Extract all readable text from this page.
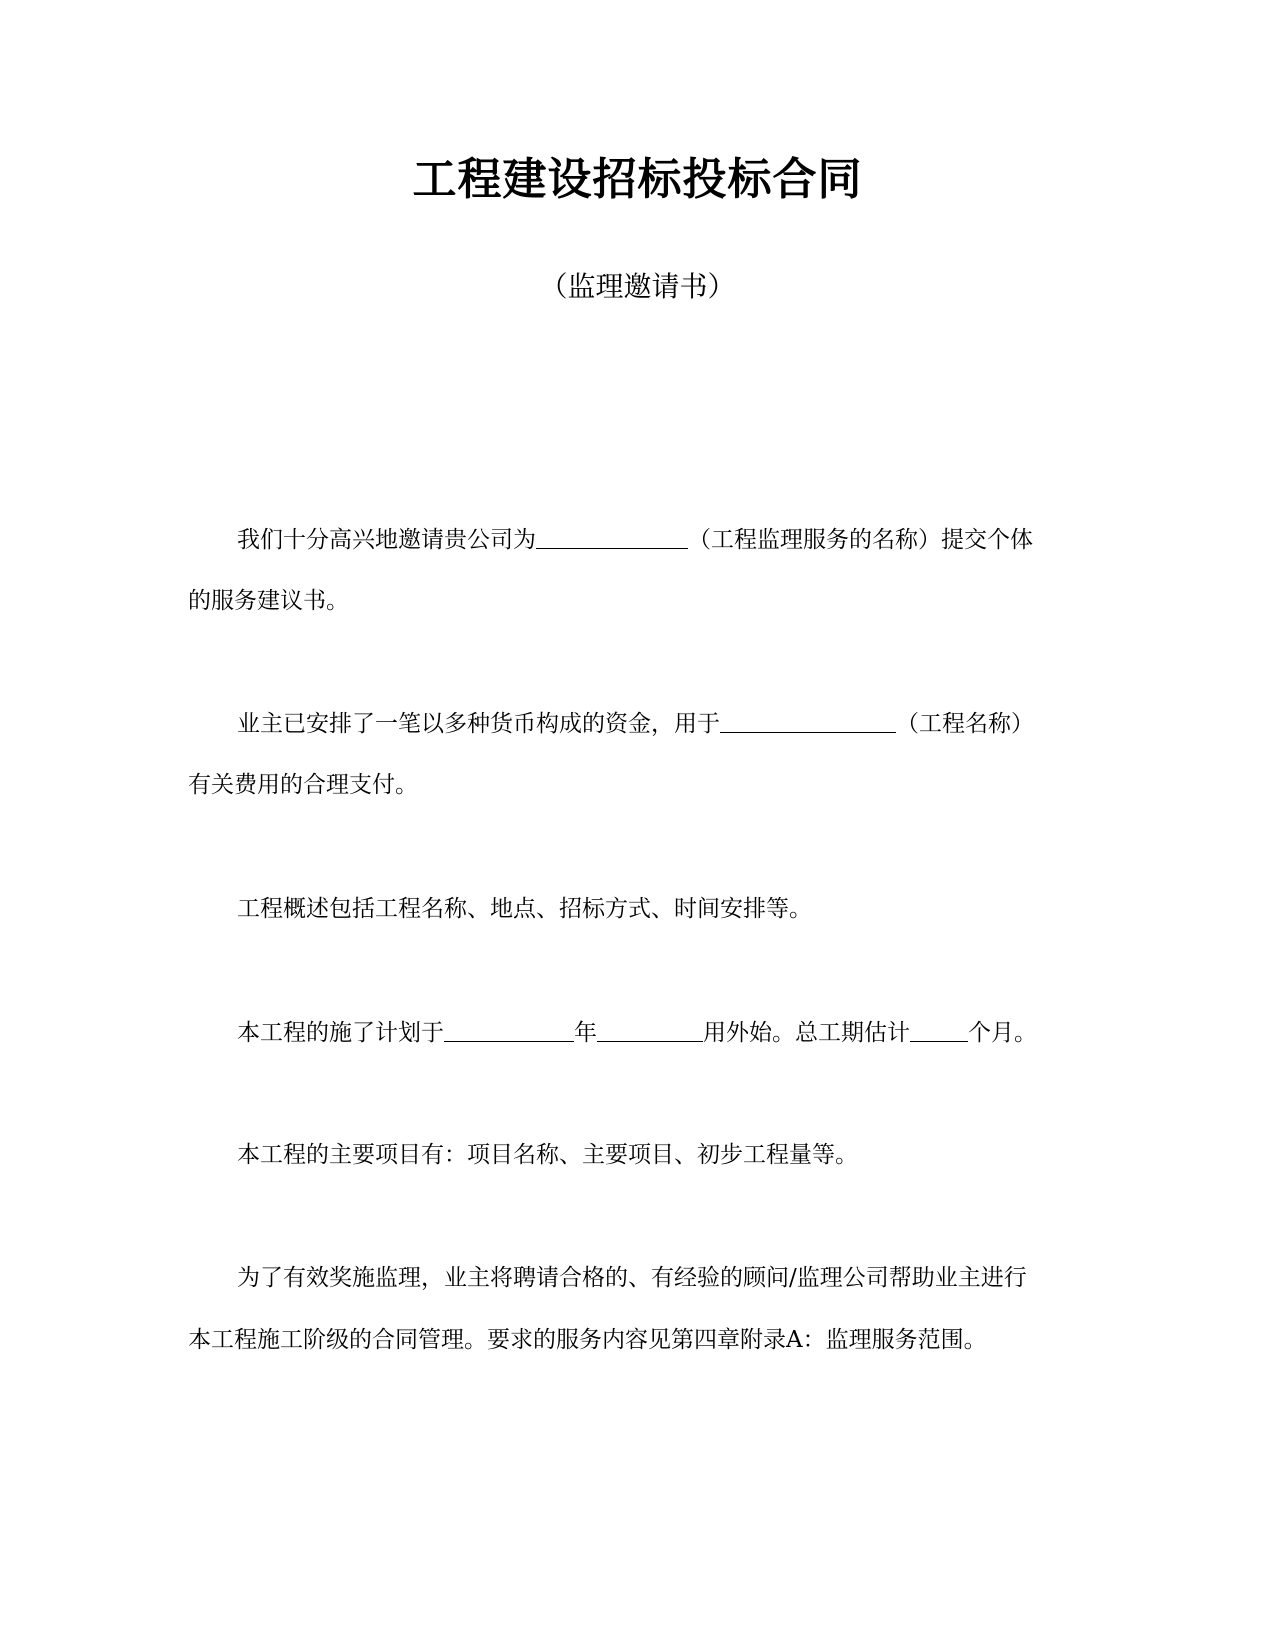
工程建设招标投标合同
（监理邀请书）
我们十分高兴地邀请贵公司为	（工程监理服务的名称）提交个体
的服务建议书。
业主已安排了一笔以多种货币构成的资金，用于	（工程名称）
有关费用的合理支付。
工程概述包括工程名称、地点、招标方式、时间安排等。
本工程的施了计划于	年	用外始。总工期估计	个月。
本工程的主要项目有：项目名称、主要项目、初步工程量等。
为了有效奖施监理，业主将聘请合格的、有经验的顾问/监理公司帮助业主进行
本工程施工阶级的合同管理。要求的服务内容见第四章附录A：监理服务范围。
